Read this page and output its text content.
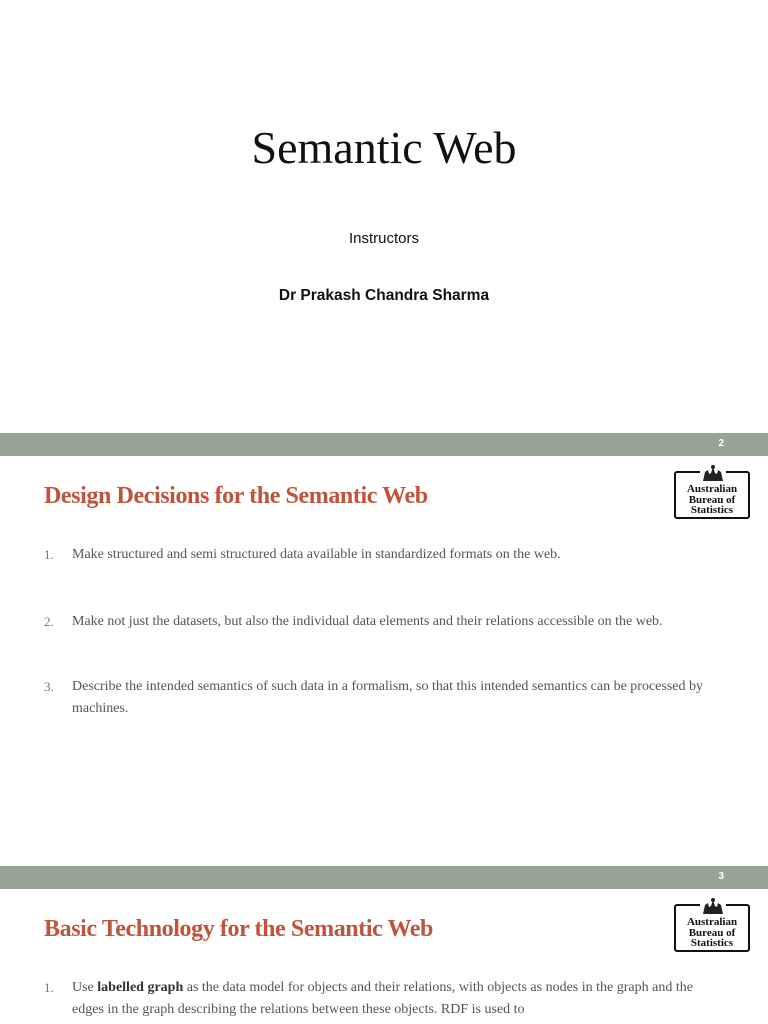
Semantic Web
Instructors
Dr Prakash Chandra Sharma
2
Design Decisions for the Semantic Web	Australian
Bureau of
Statistics
1. Make structured and semi structured data available in standardized formats on the web.
2. Make not just the datasets, but also the individual data elements and their relations accessible on the web.
3. Describe the intended semantics of such data in a formalism, so that this intended semantics can be processed by machines.
3
Basic Technology for the Semantic Web	Australian
Bureau of
Statistics
1. Use labelled graph as the data model for objects and their relations, with objects as nodes in the graph and the edges in the graph describing the relations between these objects. RDF is used to
